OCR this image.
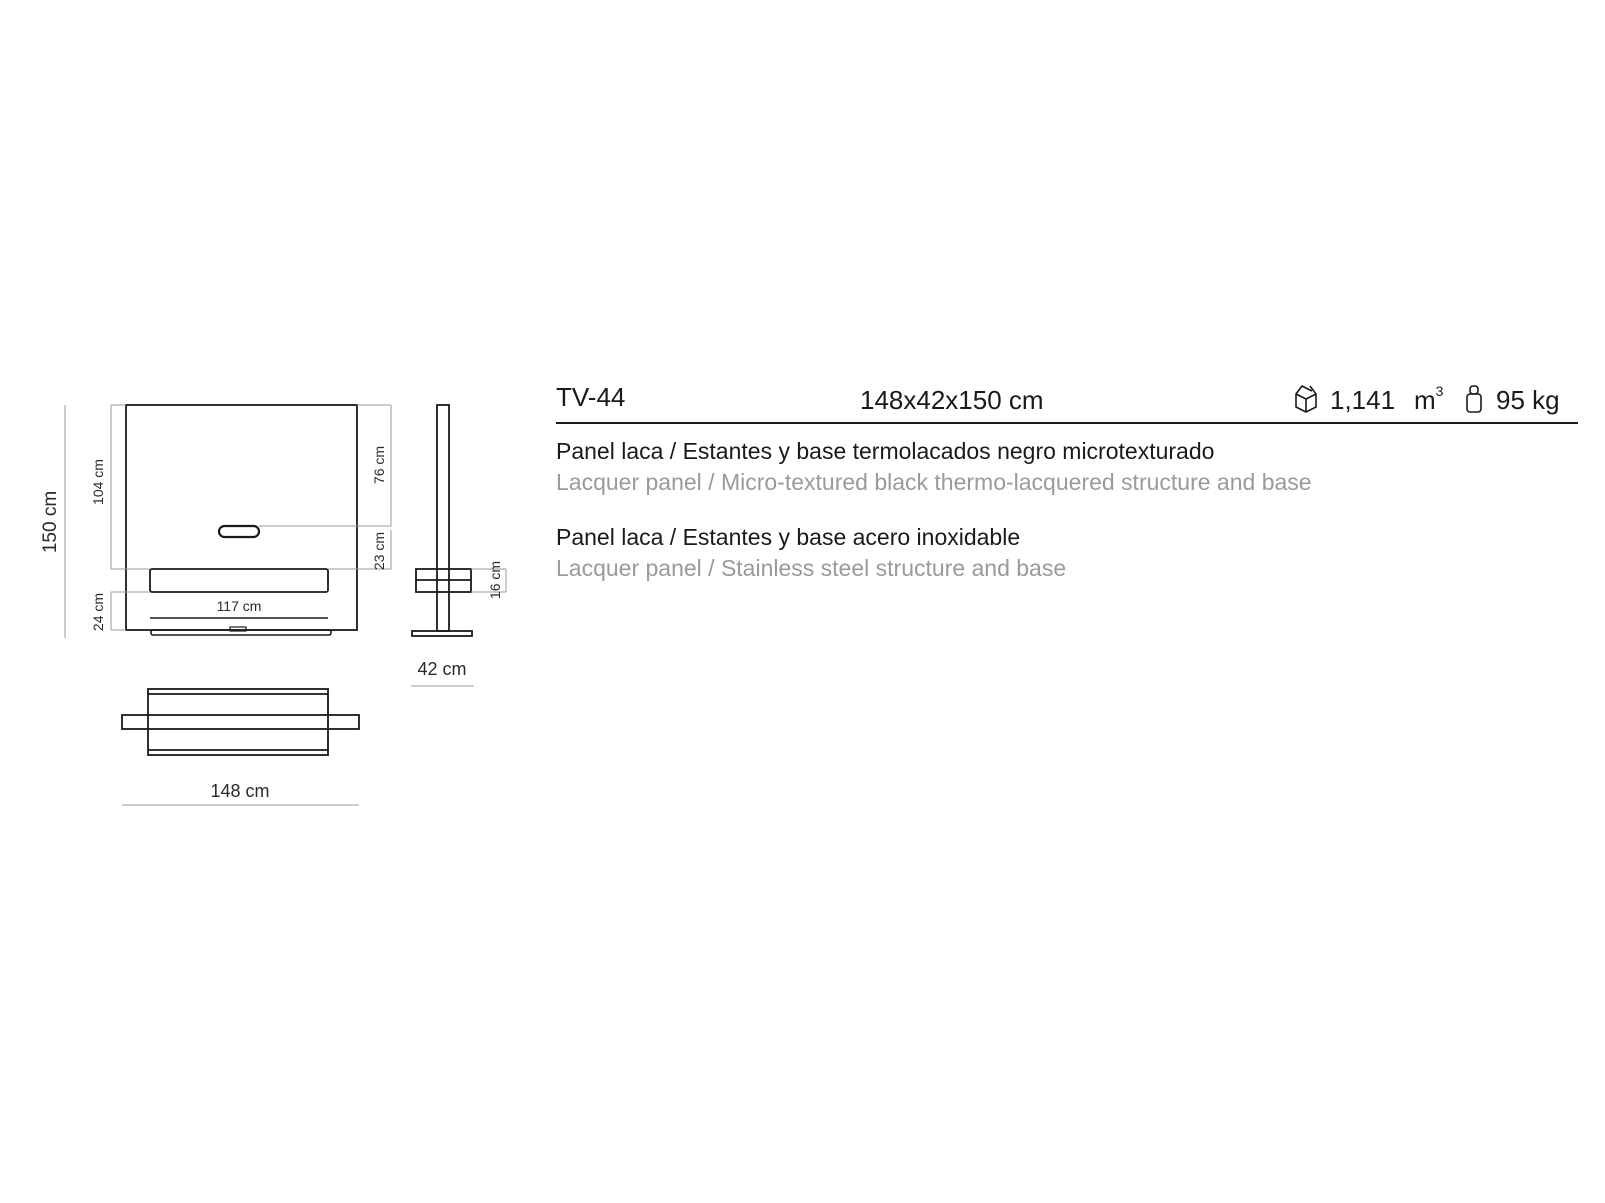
150 cm
104 cm	76 cm
23 cm
24 cm	117 cm
16 cm
42 cm
148 cm
TV-44	148x42x150 cm	1,141 $m^3$ 95 kg
Panel laca / Estantes y base termolacados negro microtexturado
Lacquer panel / Micro-textured black thermo-lacquered structure and base
Panel laca / Estantes y base acero inoxidable
Lacquer panel / Stainless steel structure and base
